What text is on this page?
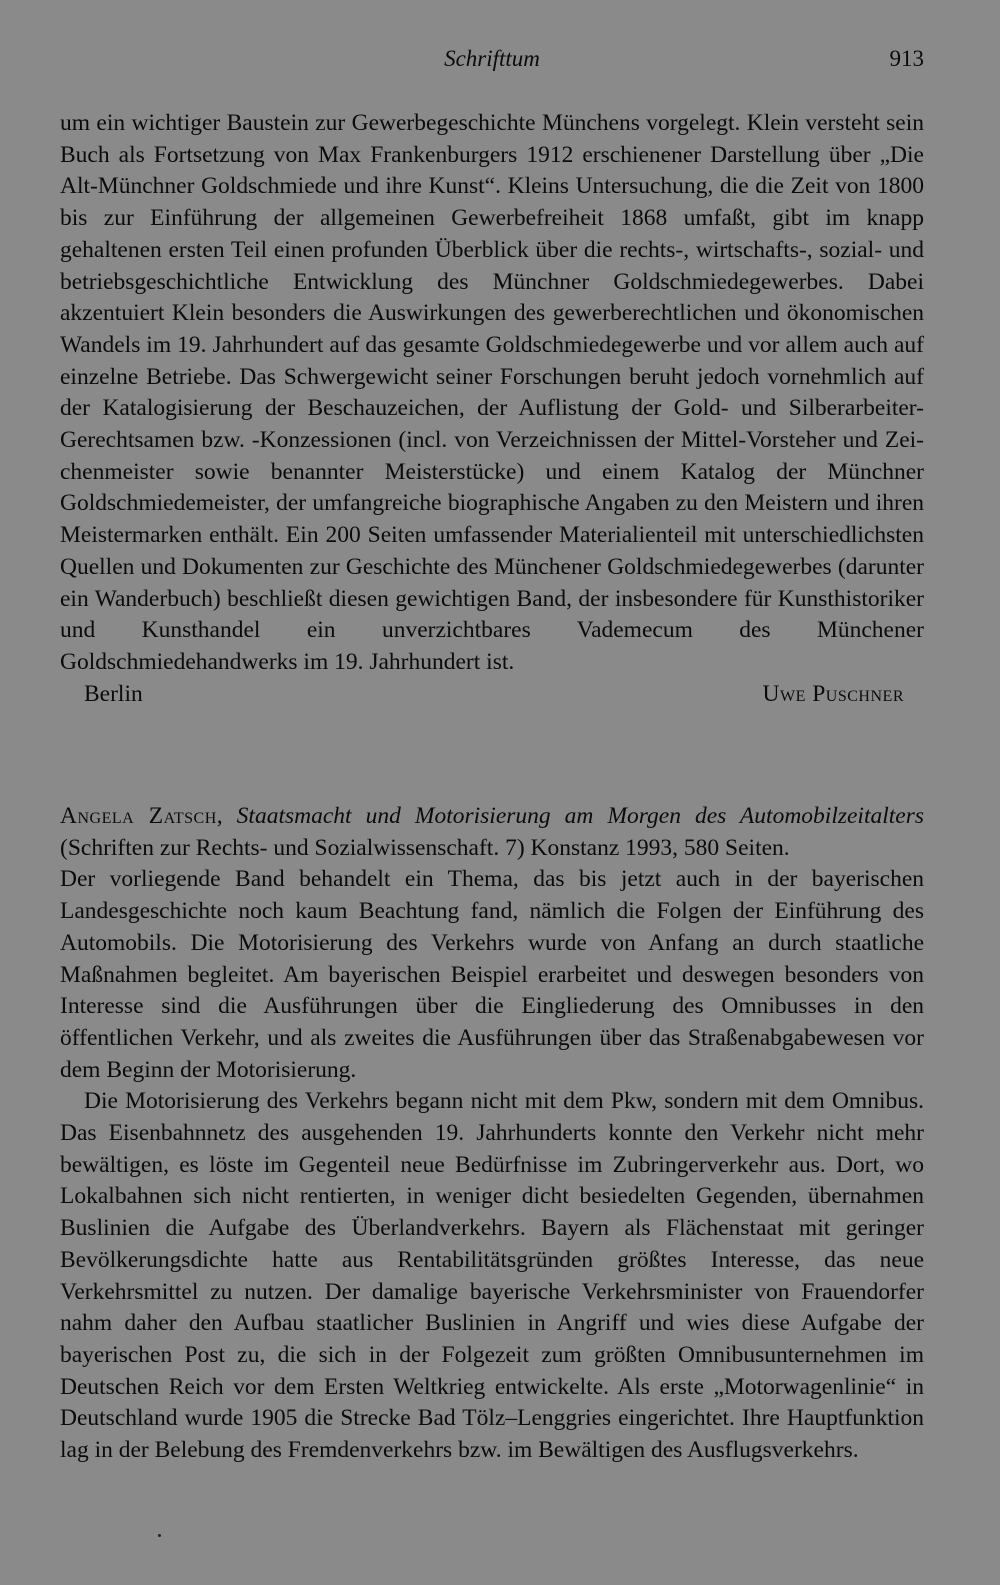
Schrifttum	913

um ein wichtiger Baustein zur Gewerbegeschichte Münchens vorgelegt. Klein versteht sein Buch als Fortsetzung von Max Frankenburgers 1912 erschienener Darstellung über „Die Alt-Münchner Goldschmiede und ihre Kunst“. Kleins Untersuchung, die die Zeit von 1800 bis zur Einführung der allgemeinen Gewerbefreiheit 1868 umfaßt, gibt im knapp gehaltenen ersten Teil einen profunden Überblick über die rechts-, wirtschafts-, sozial- und betriebsgeschichtliche Entwicklung des Münchner Goldschmiedegewerbes. Dabei akzentuiert Klein besonders die Auswirkungen des gewerberechtlichen und ökonomischen Wandels im 19. Jahrhundert auf das gesamte Goldschmiedegewerbe und vor allem auch auf einzelne Betriebe. Das Schwergewicht seiner Forschungen beruht jedoch vornehmlich auf der Katalogisierung der Beschauzeichen, der Auflistung der Gold- und Silberarbeiter-Gerechtsamen bzw. -Konzessionen (incl. von Verzeichnissen der Mittel-Vorsteher und Zeichenmeister sowie benannter Meisterstücke) und einem Katalog der Münchner Goldschmiedemeister, der umfangreiche biographische Angaben zu den Meistern und ihren Meistermarken enthält. Ein 200 Seiten umfassender Materialienteil mit unterschiedlichsten Quellen und Dokumenten zur Geschichte des Münchener Goldschmiedegewerbes (darunter ein Wanderbuch) beschließt diesen gewichtigen Band, der insbesondere für Kunsthistoriker und Kunsthandel ein unverzichtbares Vademecum des Münchener Goldschmiedehandwerks im 19. Jahrhundert ist.

Berlin	Uwe Puschner

Angela Zatsch, Staatsmacht und Motorisierung am Morgen des Automobilzeitalters (Schriften zur Rechts- und Sozialwissenschaft. 7) Konstanz 1993, 580 Seiten.

Der vorliegende Band behandelt ein Thema, das bis jetzt auch in der bayerischen Landesgeschichte noch kaum Beachtung fand, nämlich die Folgen der Einführung des Automobils. Die Motorisierung des Verkehrs wurde von Anfang an durch staatliche Maßnahmen begleitet. Am bayerischen Beispiel erarbeitet und deswegen besonders von Interesse sind die Ausführungen über die Eingliederung des Omnibusses in den öffentlichen Verkehr, und als zweites die Ausführungen über das Straßenabgabewesen vor dem Beginn der Motorisierung.

Die Motorisierung des Verkehrs begann nicht mit dem Pkw, sondern mit dem Omnibus. Das Eisenbahnnetz des ausgehenden 19. Jahrhunderts konnte den Verkehr nicht mehr bewältigen, es löste im Gegenteil neue Bedürfnisse im Zubringerverkehr aus. Dort, wo Lokalbahnen sich nicht rentierten, in weniger dicht besiedelten Gegenden, übernahmen Buslinien die Aufgabe des Überlandverkehrs. Bayern als Flächenstaat mit geringer Bevölkerungsdichte hatte aus Rentabilitätsgründen größtes Interesse, das neue Verkehrsmittel zu nutzen. Der damalige bayerische Verkehrsminister von Frauendorfer nahm daher den Aufbau staatlicher Buslinien in Angriff und wies diese Aufgabe der bayerischen Post zu, die sich in der Folgezeit zum größten Omnibusunternehmen im Deutschen Reich vor dem Ersten Weltkrieg entwickelte. Als erste „Motorwagenlinie“ in Deutschland wurde 1905 die Strecke Bad Tölz–Lenggries eingerichtet. Ihre Hauptfunktion lag in der Belebung des Fremdenverkehrs bzw. im Bewältigen des Ausflugsverkehrs.
